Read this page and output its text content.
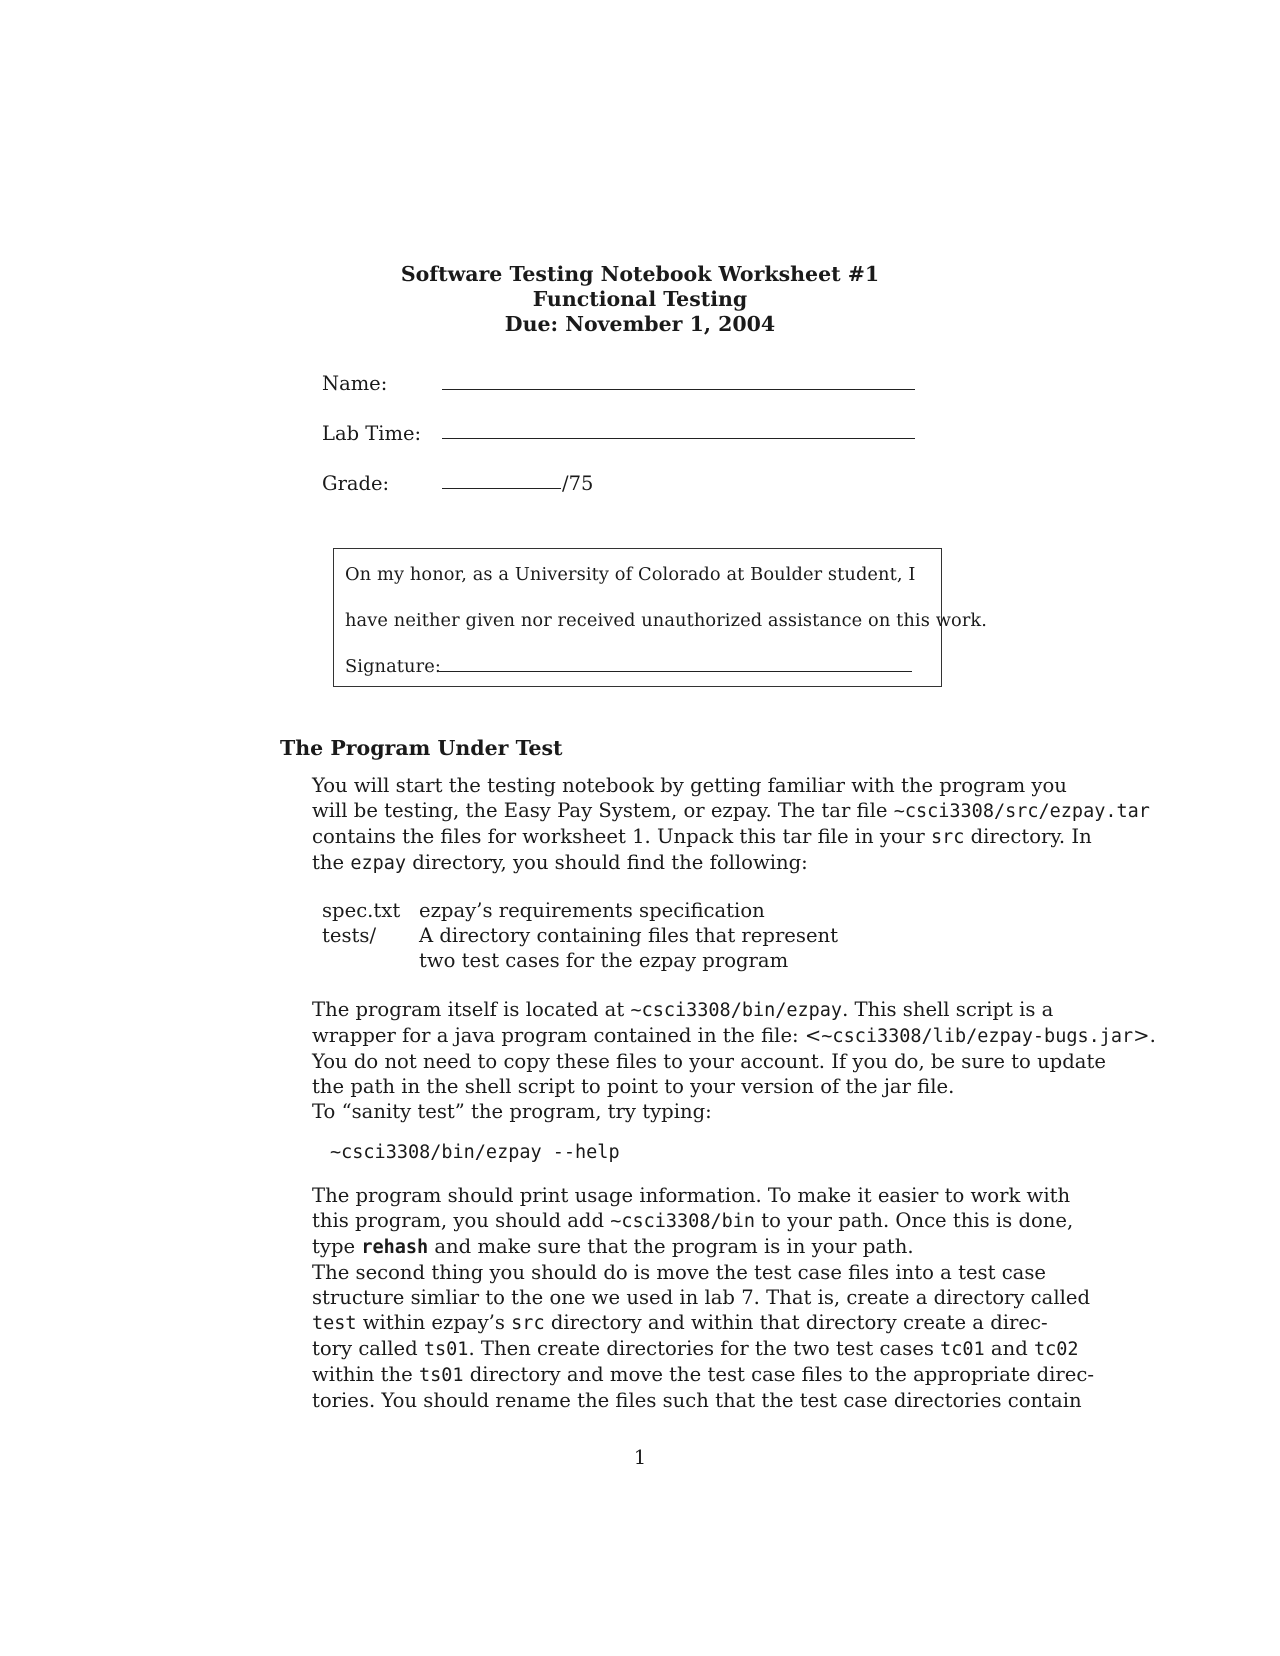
Software Testing Notebook Worksheet #1
Functional Testing
Due: November 1, 2004
Name:
Lab Time:
Grade:	/75
On my honor, as a University of Colorado at Boulder student, I
have neither given nor received unauthorized assistance on this work.
Signature:
The Program Under Test

You will start the testing notebook by getting familiar with the program you
will be testing, the Easy Pay System, or ezpay. The tar file ~csci3308/src/ezpay.tar
contains the files for worksheet 1. Unpack this tar file in your src directory. In
the ezpay directory, you should find the following:

spec.txt ezpay’s requirements specification
tests/ A directory containing files that represent
two test cases for the ezpay program

The program itself is located at ~csci3308/bin/ezpay. This shell script is a
wrapper for a java program contained in the file: <~csci3308/lib/ezpay-bugs.jar>.
You do not need to copy these files to your account. If you do, be sure to update
the path in the shell script to point to your version of the jar file.

To “sanity test” the program, try typing:

~csci3308/bin/ezpay --help

The program should print usage information. To make it easier to work with
this program, you should add ~csci3308/bin to your path. Once this is done,
type rehash and make sure that the program is in your path.

The second thing you should do is move the test case files into a test case
structure simliar to the one we used in lab 7. That is, create a directory called
test within ezpay’s src directory and within that directory create a direc-
tory called ts01. Then create directories for the two test cases tc01 and tc02
within the ts01 directory and move the test case files to the appropriate direc-
tories. You should rename the files such that the test case directories contain

1
